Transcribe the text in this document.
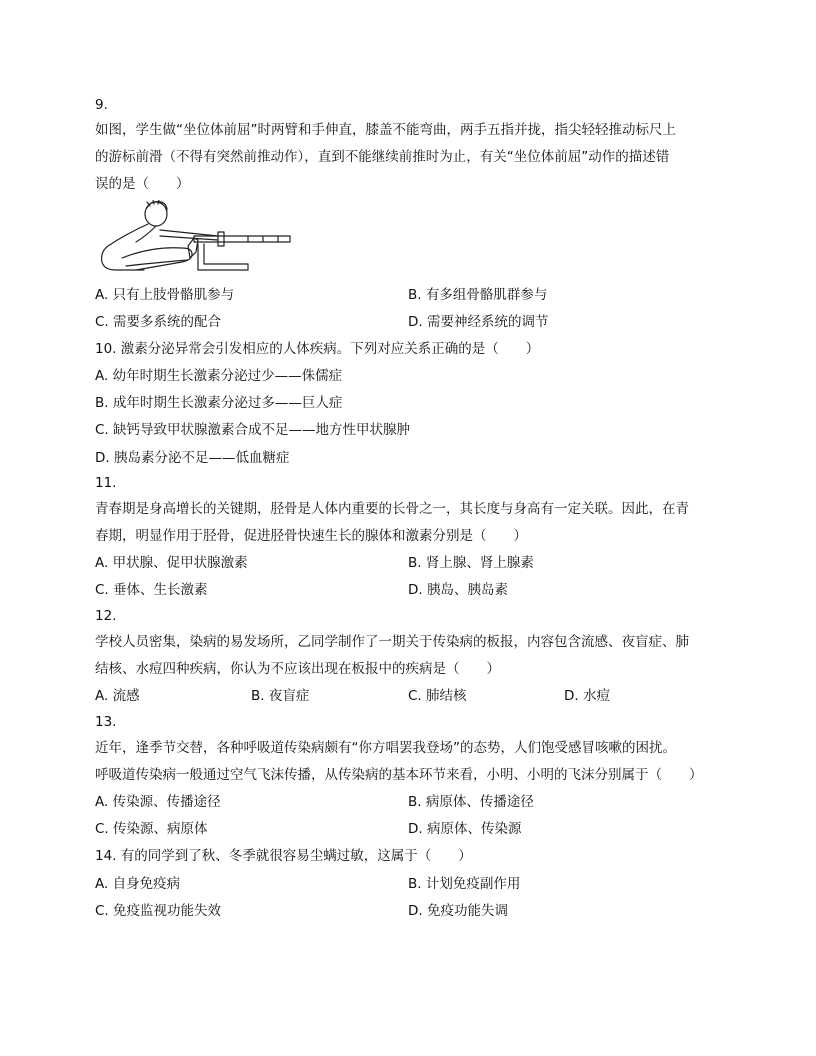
9.
如图，学生做“坐位体前屈”时两臂和手伸直，膝盖不能弯曲，两手五指并拢，指尖轻轻推动标尺上
的游标前滑（不得有突然前推动作），直到不能继续前推时为止，有关“坐位体前屈”动作的描述错
误的是（　　）
A. 只有上肢骨骼肌参与	B. 有多组骨骼肌群参与
C. 需要多系统的配合	D. 需要神经系统的调节
10. 激素分泌异常会引发相应的人体疾病。下列对应关系正确的是（　　）
A. 幼年时期生长激素分泌过少——侏儒症
B. 成年时期生长激素分泌过多——巨人症
C. 缺钙导致甲状腺激素合成不足——地方性甲状腺肿
D. 胰岛素分泌不足——低血糖症
11.
青春期是身高增长的关键期，胫骨是人体内重要的长骨之一，其长度与身高有一定关联。因此，在青
春期，明显作用于胫骨，促进胫骨快速生长的腺体和激素分别是（　　）
A. 甲状腺、促甲状腺激素	B. 肾上腺、肾上腺素
C. 垂体、生长激素	D. 胰岛、胰岛素
12.
学校人员密集，染病的易发场所，乙同学制作了一期关于传染病的板报，内容包含流感、夜盲症、肺
结核、水痘四种疾病，你认为不应该出现在板报中的疾病是（　　）
A. 流感	B. 夜盲症	C. 肺结核	D. 水痘
13.
近年，逢季节交替，各种呼吸道传染病颇有“你方唱罢我登场”的态势，人们饱受感冒咳嗽的困扰。
呼吸道传染病一般通过空气飞沫传播，从传染病的基本环节来看，小明、小明的飞沫分别属于（　　）
A. 传染源、传播途径	B. 病原体、传播途径
C. 传染源、病原体	D. 病原体、传染源
14. 有的同学到了秋、冬季就很容易尘螨过敏，这属于（　　）
A. 自身免疫病	B. 计划免疫副作用
C. 免疫监视功能失效	D. 免疫功能失调
